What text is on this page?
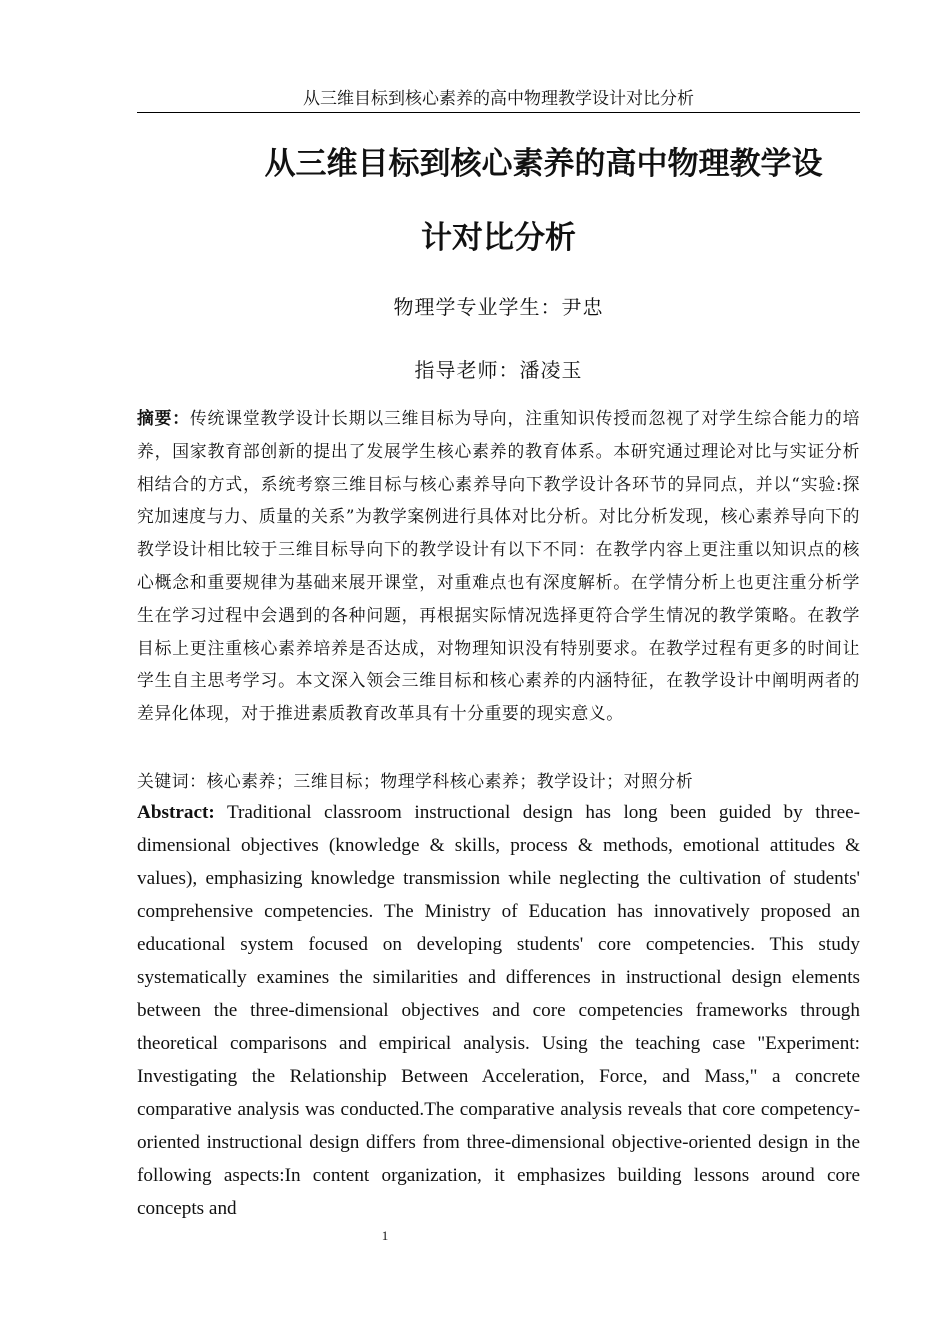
从三维目标到核心素养的高中物理教学设计对比分析
从三维目标到核心素养的高中物理教学设
计对比分析
物理学专业学生：尹忠
指导老师：潘凌玉
摘要：传统课堂教学设计长期以三维目标为导向，注重知识传授而忽视了对学生综合能力的培养，国家教育部创新的提出了发展学生核心素养的教育体系。本研究通过理论对比与实证分析相结合的方式，系统考察三维目标与核心素养导向下教学设计各环节的异同点，并以“实验:探究加速度与力、质量的关系”为教学案例进行具体对比分析。对比分析发现，核心素养导向下的教学设计相比较于三维目标导向下的教学设计有以下不同：在教学内容上更注重以知识点的核心概念和重要规律为基础来展开课堂，对重难点也有深度解析。在学情分析上也更注重分析学生在学习过程中会遇到的各种问题，再根据实际情况选择更符合学生情况的教学策略。在教学目标上更注重核心素养培养是否达成，对物理知识没有特别要求。在教学过程有更多的时间让学生自主思考学习。本文深入领会三维目标和核心素养的内涵特征，在教学设计中阐明两者的差异化体现，对于推进素质教育改革具有十分重要的现实意义。
关键词：核心素养；三维目标；物理学科核心素养；教学设计；对照分析
Abstract: Traditional classroom instructional design has long been guided by three-dimensional objectives (knowledge & skills, process & methods, emotional attitudes & values), emphasizing knowledge transmission while neglecting the cultivation of students' comprehensive competencies. The Ministry of Education has innovatively proposed an educational system focused on developing students' core competencies. This study systematically examines the similarities and differences in instructional design elements between the three-dimensional objectives and core competencies frameworks through theoretical comparisons and empirical analysis. Using the teaching case "Experiment: Investigating the Relationship Between Acceleration, Force, and Mass," a concrete comparative analysis was conducted.The comparative analysis reveals that core competency-oriented instructional design differs from three-dimensional objective-oriented design in the following aspects:In content organization, it emphasizes building lessons around core concepts and
1
